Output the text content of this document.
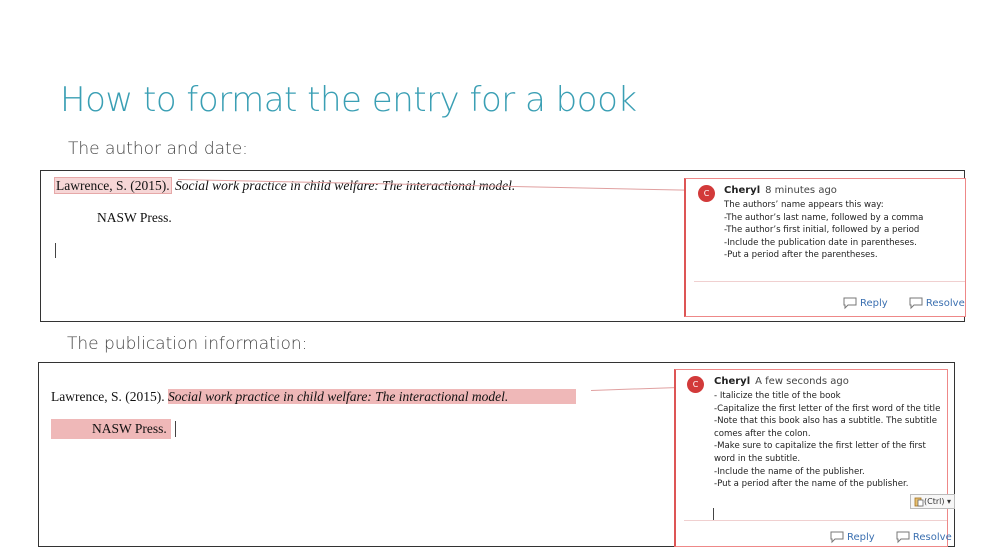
How to format the entry for a book
The author and date:
The publication information:
Lawrence, S. (2015). Social work practice in child welfare: The interactional model.
NASW Press.
C	Cheryl 8 minutes ago
The authors’ name appears this way:
-The author’s last name, followed by a comma
-The author’s first initial, followed by a period
-Include the publication date in parentheses.
-Put a period after the parentheses.
Reply
	Resolve
Lawrence, S. (2015). Social work practice in child welfare: The interactional model.
NASW Press.
C	Cheryl A few seconds ago
- Italicize the title of the book
-Capitalize the first letter of the first word of the title
-Note that this book also has a subtitle. The subtitle
comes after the colon.
-Make sure to capitalize the first letter of the first
word in the subtitle.
-Include the name of the publisher.
-Put a period after the name of the publisher.
(Ctrl) ▾
Reply
	Resolve
